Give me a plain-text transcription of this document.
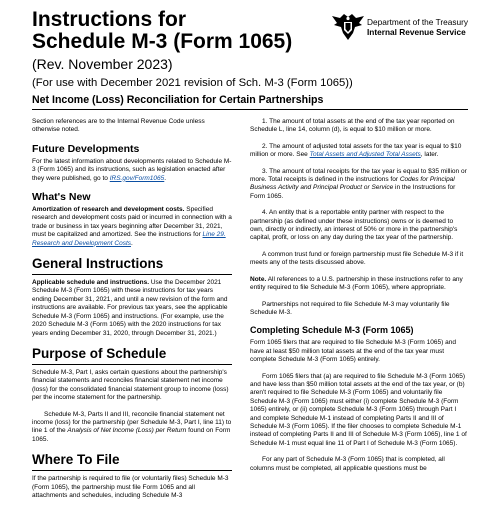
Instructions for
Schedule M-3 (Form 1065)
(Rev. November 2023)
(For use with December 2021 revision of Sch. M-3 (Form 1065))
Net Income (Loss) Reconciliation for Certain Partnerships
Department of the Treasury
Internal Revenue Service

Section references are to the Internal Revenue Code unless otherwise noted.

Future Developments

For the latest information about developments related to Schedule M-3 (Form 1065) and its instructions, such as legislation enacted after they were published, go to IRS.gov/Form1065.

What's New

Amortization of research and development costs. Specified research and development costs paid or incurred in connection with a trade or business in tax years beginning after December 31, 2021, must be capitalized and amortized. See the instructions for Line 29. Research and Development Costs.

General Instructions

Applicable schedule and instructions. Use the December 2021 Schedule M-3 (Form 1065) with these instructions for tax years ending December 31, 2021, and until a new revision of the form and instructions are available. For previous tax years, see the applicable Schedule M-3 (Form 1065) and instructions. (For example, use the 2020 Schedule M-3 (Form 1065) with the 2020 instructions for tax years ending December 31, 2020, through December 31, 2021.)

Purpose of Schedule

Schedule M-3, Part I, asks certain questions about the partnership's financial statements and reconciles financial statement net income (loss) for the consolidated financial statement group to income (loss) per the income statement for the partnership.

Schedule M-3, Parts II and III, reconcile financial statement net income (loss) for the partnership (per Schedule M-3, Part I, line 11) to line 1 of the Analysis of Net Income (Loss) per Return found on Form 1065.

Where To File

If the partnership is required to file (or voluntarily files) Schedule M-3 (Form 1065), the partnership must file Form 1065 and all attachments and schedules, including Schedule M-3

1. The amount of total assets at the end of the tax year reported on Schedule L, line 14, column (d), is equal to $10 million or more.

2. The amount of adjusted total assets for the tax year is equal to $10 million or more. See Total Assets and Adjusted Total Assets, later.

3. The amount of total receipts for the tax year is equal to $35 million or more. Total receipts is defined in the instructions for Codes for Principal Business Activity and Principal Product or Service in the Instructions for Form 1065.

4. An entity that is a reportable entity partner with respect to the partnership (as defined under these instructions) owns or is deemed to own, directly or indirectly, an interest of 50% or more in the partnership's capital, profit, or loss on any day during the tax year of the partnership.

A common trust fund or foreign partnership must file Schedule M-3 if it meets any of the tests discussed above.

Note. All references to a U.S. partnership in these instructions refer to any entity required to file Schedule M-3 (Form 1065), where appropriate.

Partnerships not required to file Schedule M-3 may voluntarily file Schedule M-3.

Completing Schedule M-3 (Form 1065)

Form 1065 filers that are required to file Schedule M-3 (Form 1065) and have at least $50 million total assets at the end of the tax year must complete Schedule M-3 (Form 1065) entirely.

Form 1065 filers that (a) are required to file Schedule M-3 (Form 1065) and have less than $50 million total assets at the end of the tax year, or (b) aren't required to file Schedule M-3 (Form 1065) and voluntarily file Schedule M-3 (Form 1065) must either (i) complete Schedule M-3 (Form 1065) entirely, or (ii) complete Schedule M-3 (Form 1065) through Part I and complete Schedule M-1 instead of completing Parts II and III of Schedule M-3 (Form 1065). If the filer chooses to complete Schedule M-1 instead of completing Parts II and III of Schedule M-3 (Form 1065), line 1 of Schedule M-1 must equal line 11 of Part I of Schedule M-3 (Form 1065).

For any part of Schedule M-3 (Form 1065) that is completed, all columns must be completed, all applicable questions must be
